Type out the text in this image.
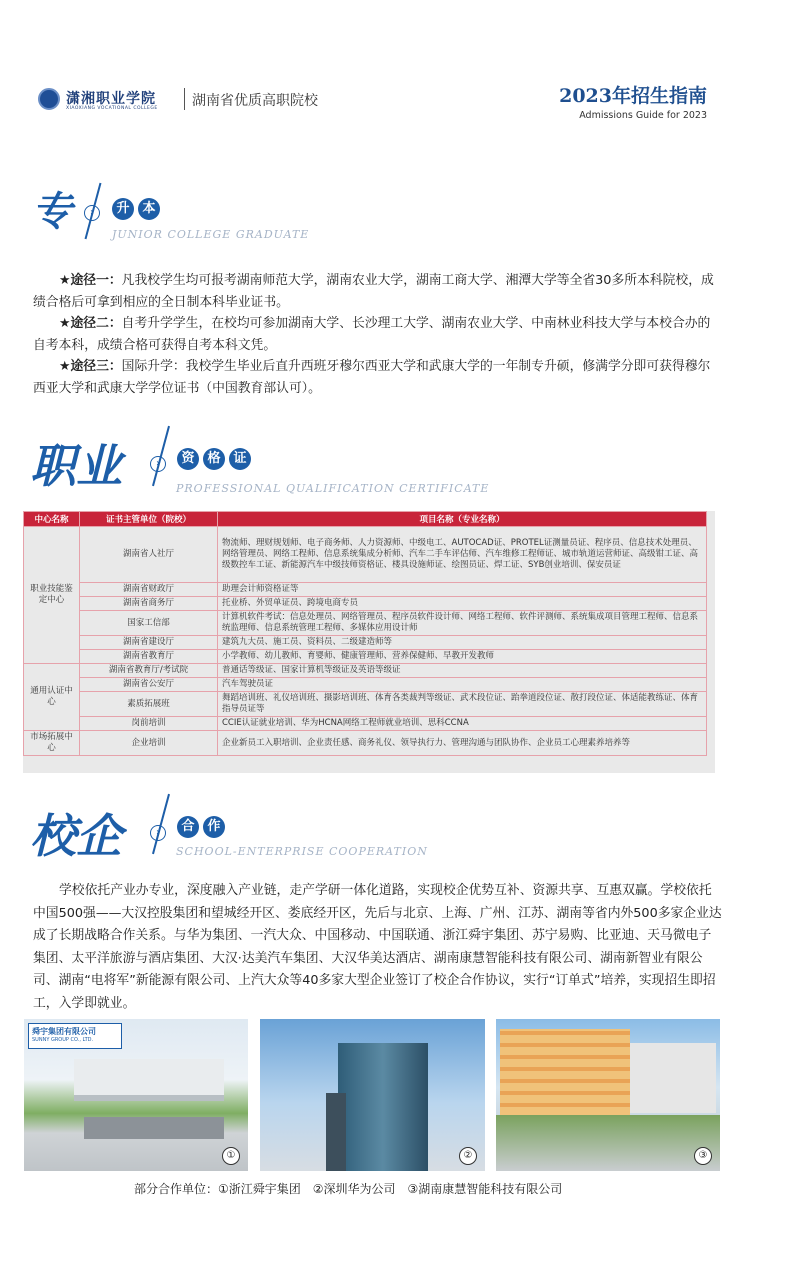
潇湘职业学院
XIAOXIANG VOCATIONAL COLLEGE 湖南省优质高职院校	2023年招生指南
Admissions Guide for 2023
专	›	升 本
JUNIOR COLLEGE GRADUATE
★途径一：凡我校学生均可报考湖南师范大学，湖南农业大学，湖南工商大学、湘潭大学等全省30多所本科院校，成绩合格后可拿到相应的全日制本科毕业证书。
★途径二：自考升学学生，在校均可参加湖南大学、长沙理工大学、湖南农业大学、中南林业科技大学与本校合办的自考本科，成绩合格可获得自考本科文凭。
★途径三：国际升学：我校学生毕业后直升西班牙穆尔西亚大学和武康大学的一年制专升硕，修满学分即可获得穆尔西亚大学和武康大学学位证书（中国教育部认可）。
职业	›	资 格 证
PROFESSIONAL QUALIFICATION CERTIFICATE
中心名称	证书主管单位（院校）	项目名称（专业名称）
职业技能鉴定中心	湖南省人社厅	物流师、理财规划师、电子商务师、人力资源师、中级电工、AUTOCAD证、PROTEL证测量员证、程序员、信息技术处理员、网络管理员、网络工程师、信息系统集成分析师、汽车二手车评估师、汽车维修工程师证、城市轨道运营师证、高级钳工证、高级数控车工证、新能源汽车中级技师资格证、楼具设施师证、绘图员证、焊工证、SYB创业培训、保安员证
	湖南省财政厅	助理会计师资格证等
	湖南省商务厅	托业桥、外贸单证员、跨境电商专员
	国家工信部	计算机软件考试：信息处理员、网络管理员、程序员软件设计师、网络工程师、软件评测师、系统集成项目管理工程师、信息系统监理师、信息系统管理工程师、多媒体应用设计师
	湖南省建设厅	建筑九大员、施工员、资料员、二级建造师等
	湖南省教育厅	小学教师、幼儿教师、育婴师、健康管理师、营养保健师、早教开发教师
通用认证中心	湖南省教育厅/考试院	普通话等级证、国家计算机等级证及英语等级证
	湖南省公安厅	汽车驾驶员证
	素质拓展班	舞蹈培训班、礼仪培训班、摄影培训班、体育各类裁判等级证、武术段位证、跆拳道段位证、散打段位证、体适能教练证、体育指导员证等
	岗前培训	CCIE认证就业培训、华为HCNA网络工程师就业培训、思科CCNA
市场拓展中心	企业培训	企业新员工入职培训、企业责任感、商务礼仪、领导执行力、管理沟通与团队协作、企业员工心理素养培养等
校企	›	合 作
SCHOOL-ENTERPRISE COOPERATION
学校依托产业办专业，深度融入产业链，走产学研一体化道路，实现校企优势互补、资源共享、互惠双赢。学校依托中国500强——大汉控股集团和望城经开区、娄底经开区，先后与北京、上海、广州、江苏、湖南等省内外500多家企业达成了长期战略合作关系。与华为集团、一汽大众、中国移动、中国联通、浙江舜宇集团、苏宁易购、比亚迪、天马微电子集团、太平洋旅游与酒店集团、大汉·达美汽车集团、大汉华美达酒店、湖南康慧智能科技有限公司、湖南新智业有限公司、湖南“电将军”新能源有限公司、上汽大众等40多家大型企业签订了校企合作协议，实行“订单式”培养，实现招生即招工，入学即就业。
舜宇集团有限公司
SUNNY GROUP CO., LTD.
①	②	③
部分合作单位：①浙江舜宇集团　②深圳华为公司　③湖南康慧智能科技有限公司
